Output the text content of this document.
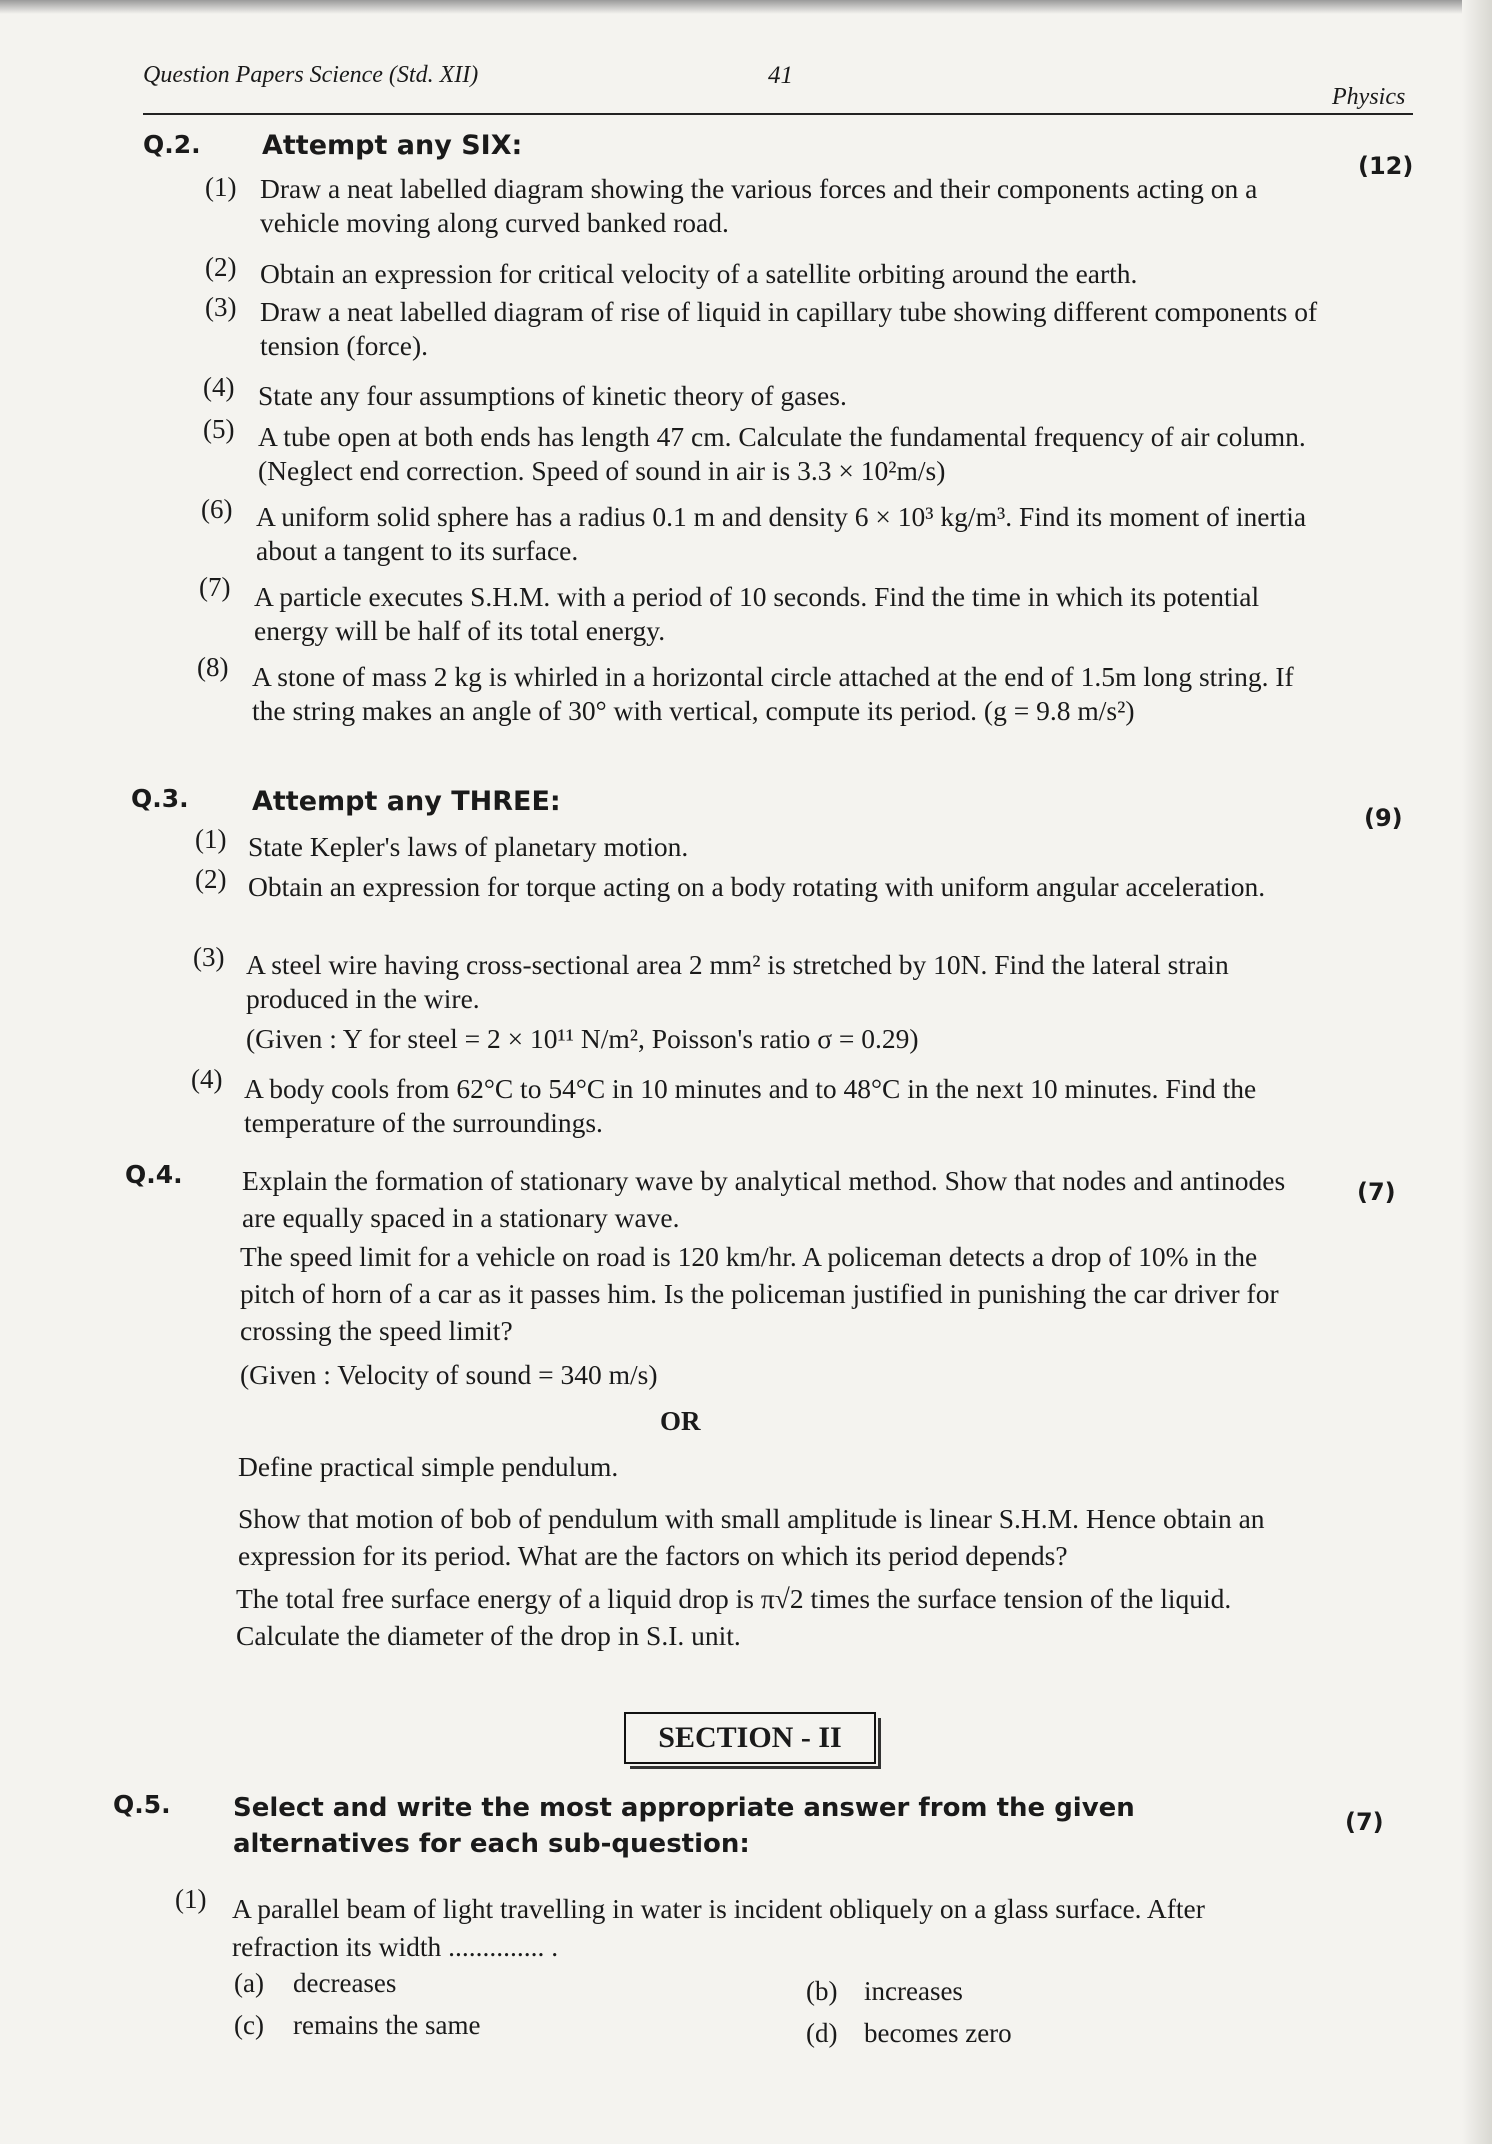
Question Papers Science (Std. XII)	41
Physics
Q.2. Attempt any SIX:
(12)
(1) Draw a neat labelled diagram showing the various forces and their components acting on a vehicle moving along curved banked road.
(2) Obtain an expression for critical velocity of a satellite orbiting around the earth.
(3) Draw a neat labelled diagram of rise of liquid in capillary tube showing different components of tension (force).
(4) State any four assumptions of kinetic theory of gases.
(5) A tube open at both ends has length 47 cm. Calculate the fundamental frequency of air column. (Neglect end correction. Speed of sound in air is 3.3 × 10²m/s)
(6) A uniform solid sphere has a radius 0.1 m and density 6 × 10³ kg/m³. Find its moment of inertia about a tangent to its surface.
(7) A particle executes S.H.M. with a period of 10 seconds. Find the time in which its potential energy will be half of its total energy.
(8) A stone of mass 2 kg is whirled in a horizontal circle attached at the end of 1.5m long string. If the string makes an angle of 30° with vertical, compute its period. (g = 9.8 m/s²)
Q.3. Attempt any THREE:
(9)
(1) State Kepler's laws of planetary motion.
(2) Obtain an expression for torque acting on a body rotating with uniform angular acceleration.
(3) A steel wire having cross-sectional area 2 mm² is stretched by 10N. Find the lateral strain produced in the wire.
(Given : Y for steel = 2 × 10¹¹ N/m², Poisson's ratio σ = 0.29)
(4) A body cools from 62°C to 54°C in 10 minutes and to 48°C in the next 10 minutes. Find the temperature of the surroundings.
Q.4.
(7)
Explain the formation of stationary wave by analytical method. Show that nodes and antinodes are equally spaced in a stationary wave.
The speed limit for a vehicle on road is 120 km/hr. A policeman detects a drop of 10% in the pitch of horn of a car as it passes him. Is the policeman justified in punishing the car driver for crossing the speed limit?
(Given : Velocity of sound = 340 m/s)
OR
Define practical simple pendulum.
Show that motion of bob of pendulum with small amplitude is linear S.H.M. Hence obtain an expression for its period. What are the factors on which its period depends?
The total free surface energy of a liquid drop is π√2 times the surface tension of the liquid. Calculate the diameter of the drop in S.I. unit.
SECTION - II
Q.5. Select and write the most appropriate answer from the given alternatives for each sub-question:
(7)
(1) A parallel beam of light travelling in water is incident obliquely on a glass surface. After refraction its width .............. .
(a) decreases	(b) increases
(c) remains the same	(d) becomes zero
